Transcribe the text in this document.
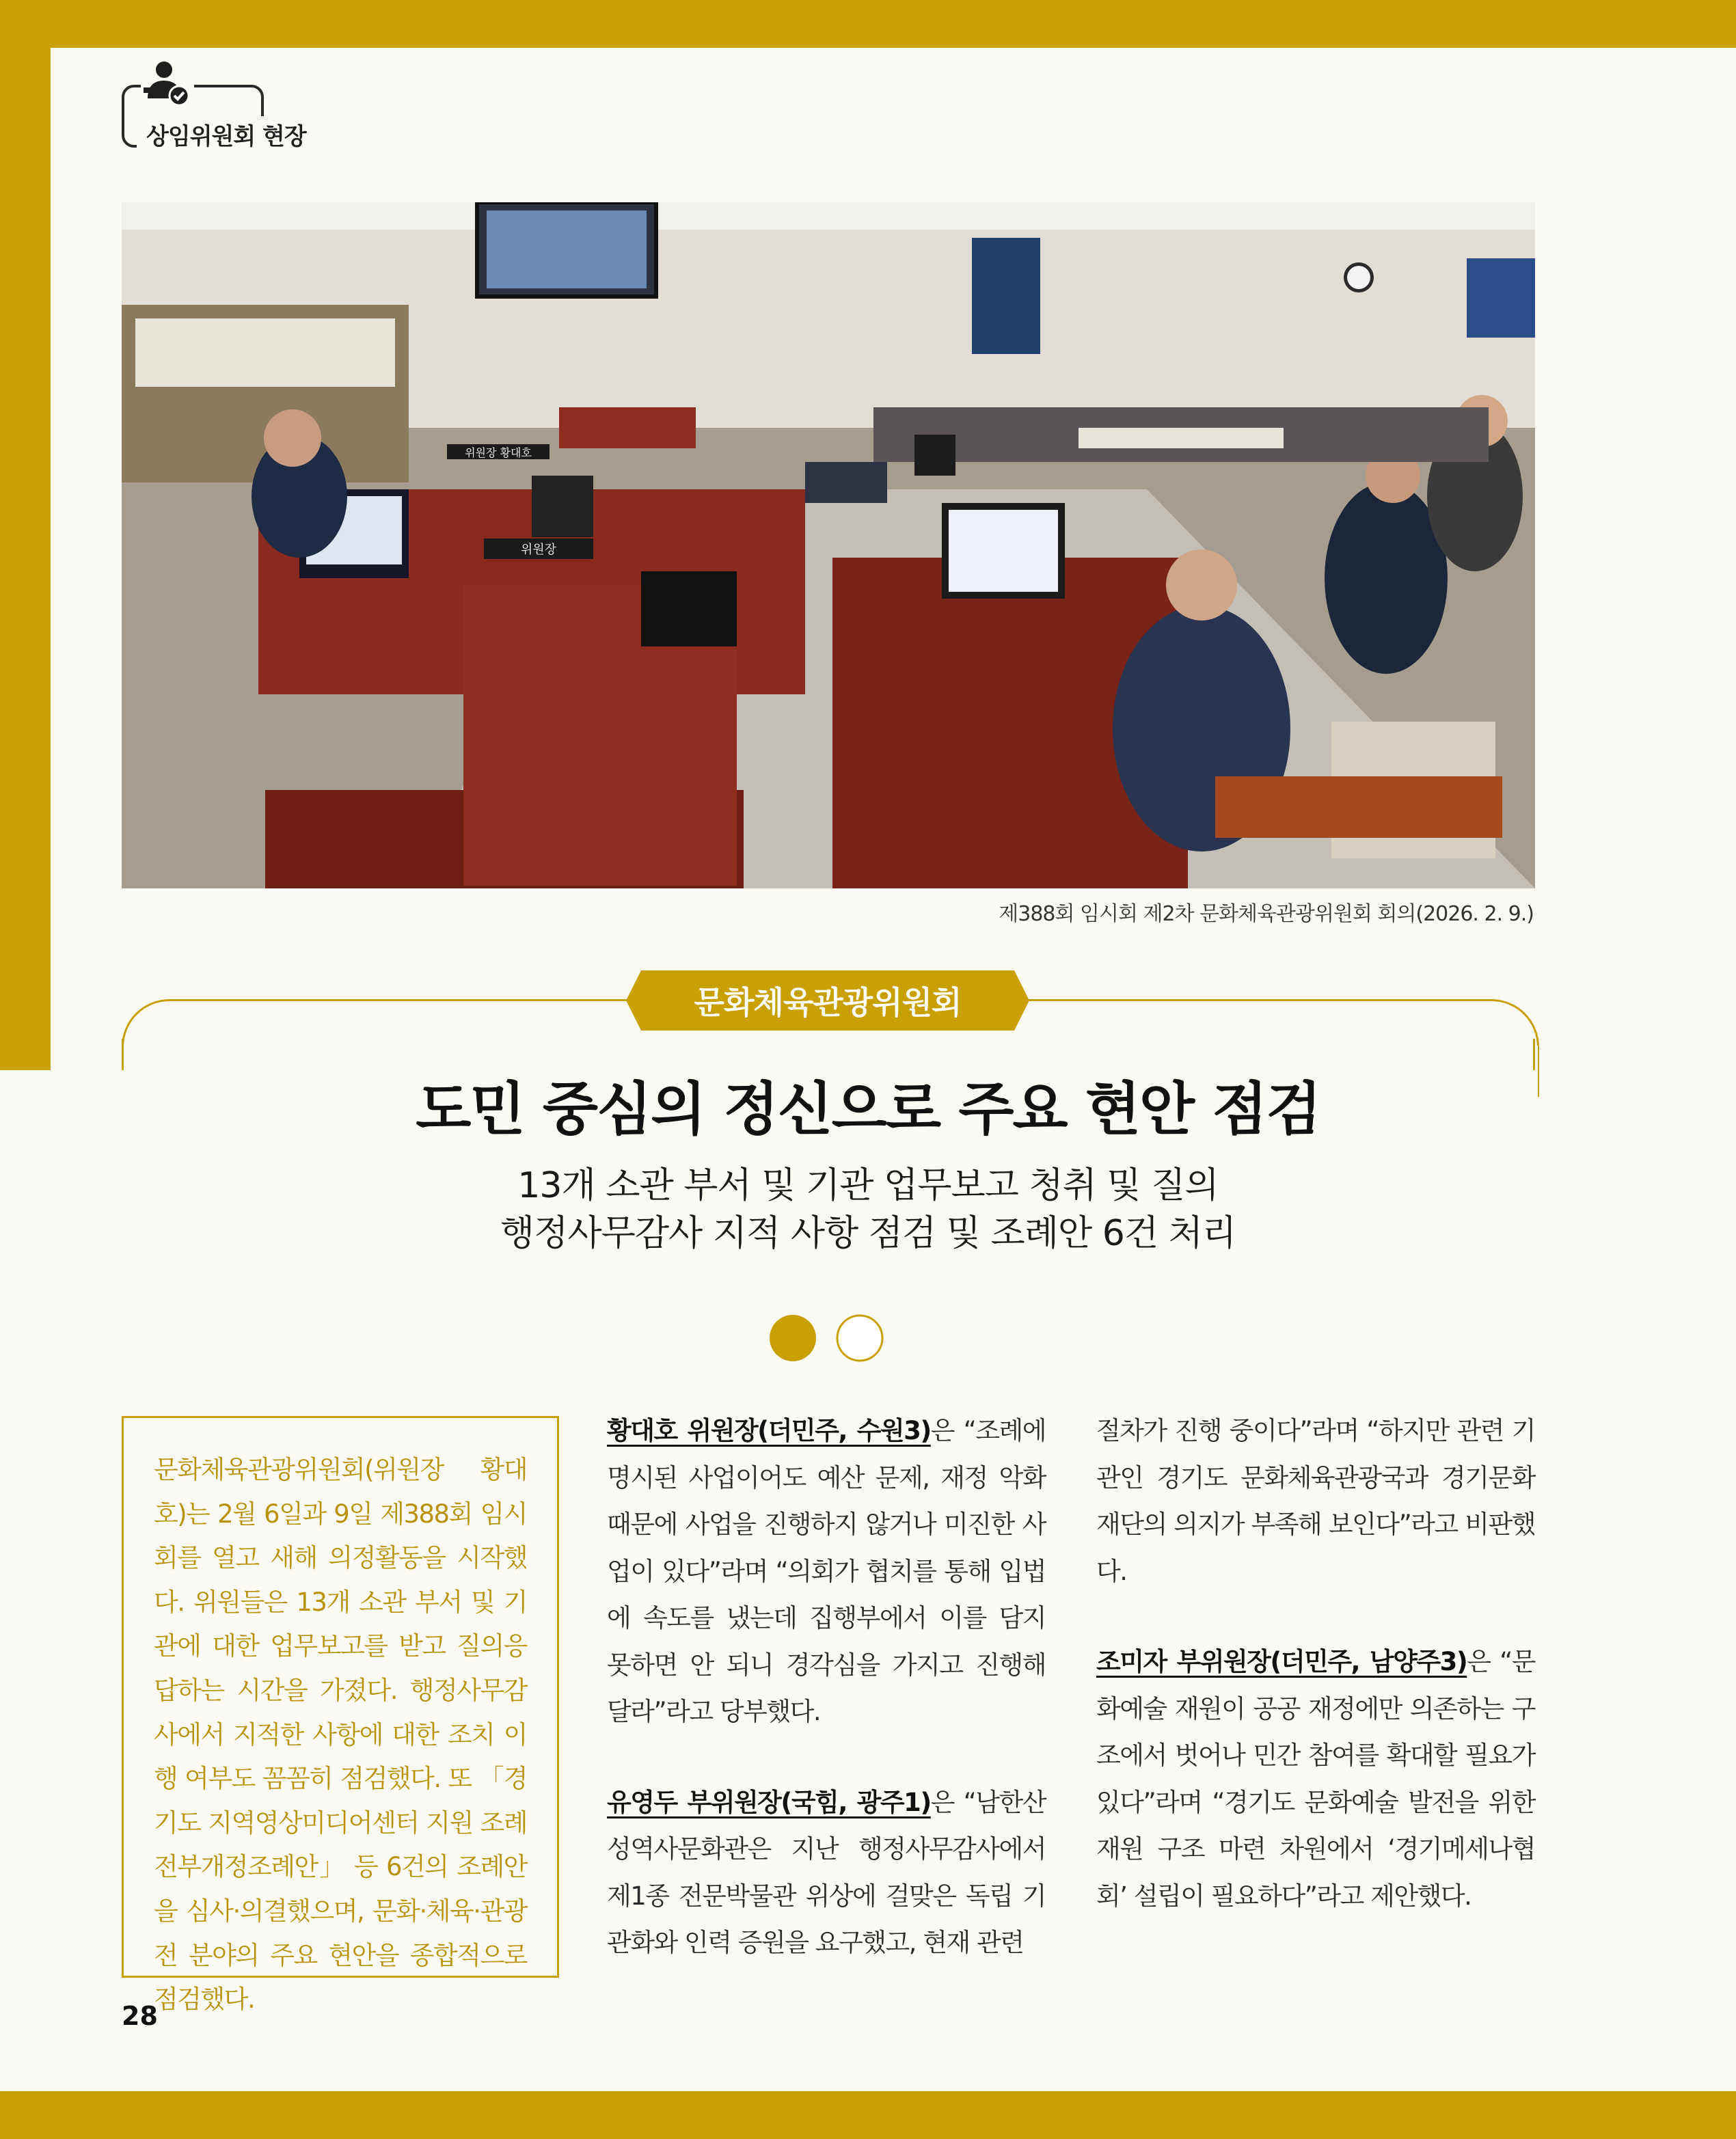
상임위원회 현장
위원장 황대호
위원장
제388회 임시회 제2차 문화체육관광위원회 회의(2026. 2. 9.)
문화체육관광위원회
도민 중심의 정신으로 주요 현안 점검
13개 소관 부서 및 기관 업무보고 청취 및 질의
행정사무감사 지적 사항 점검 및 조례안 6건 처리

문화체육관광위원회(위원장 황대호)는 2월 6일과 9일 제388회 임시회를 열고 새해 의정활동을 시작했다. 위원들은 13개 소관 부서 및 기관에 대한 업무보고를 받고 질의응답하는 시간을 가졌다. 행정사무감사에서 지적한 사항에 대한 조치 이행 여부도 꼼꼼히 점검했다. 또 「경기도 지역영상미디어센터 지원 조례 전부개정조례안」 등 6건의 조례안을 심사·의결했으며, 문화·체육·관광 전 분야의 주요 현안을 종합적으로 점검했다.

황대호 위원장(더민주, 수원3)은 “조례에 명시된 사업이어도 예산 문제, 재정 악화 때문에 사업을 진행하지 않거나 미진한 사업이 있다”라며 “의회가 협치를 통해 입법에 속도를 냈는데 집행부에서 이를 담지 못하면 안 되니 경각심을 가지고 진행해 달라”라고 당부했다.

유영두 부위원장(국힘, 광주1)은 “남한산성역사문화관은 지난 행정사무감사에서 제1종 전문박물관 위상에 걸맞은 독립 기관화와 인력 증원을 요구했고, 현재 관련

절차가 진행 중이다”라며 “하지만 관련 기관인 경기도 문화체육관광국과 경기문화재단의 의지가 부족해 보인다”라고 비판했다.

조미자 부위원장(더민주, 남양주3)은 “문화예술 재원이 공공 재정에만 의존하는 구조에서 벗어나 민간 참여를 확대할 필요가 있다”라며 “경기도 문화예술 발전을 위한 재원 구조 마련 차원에서 ‘경기메세나협회’ 설립이 필요하다”라고 제안했다.

28
